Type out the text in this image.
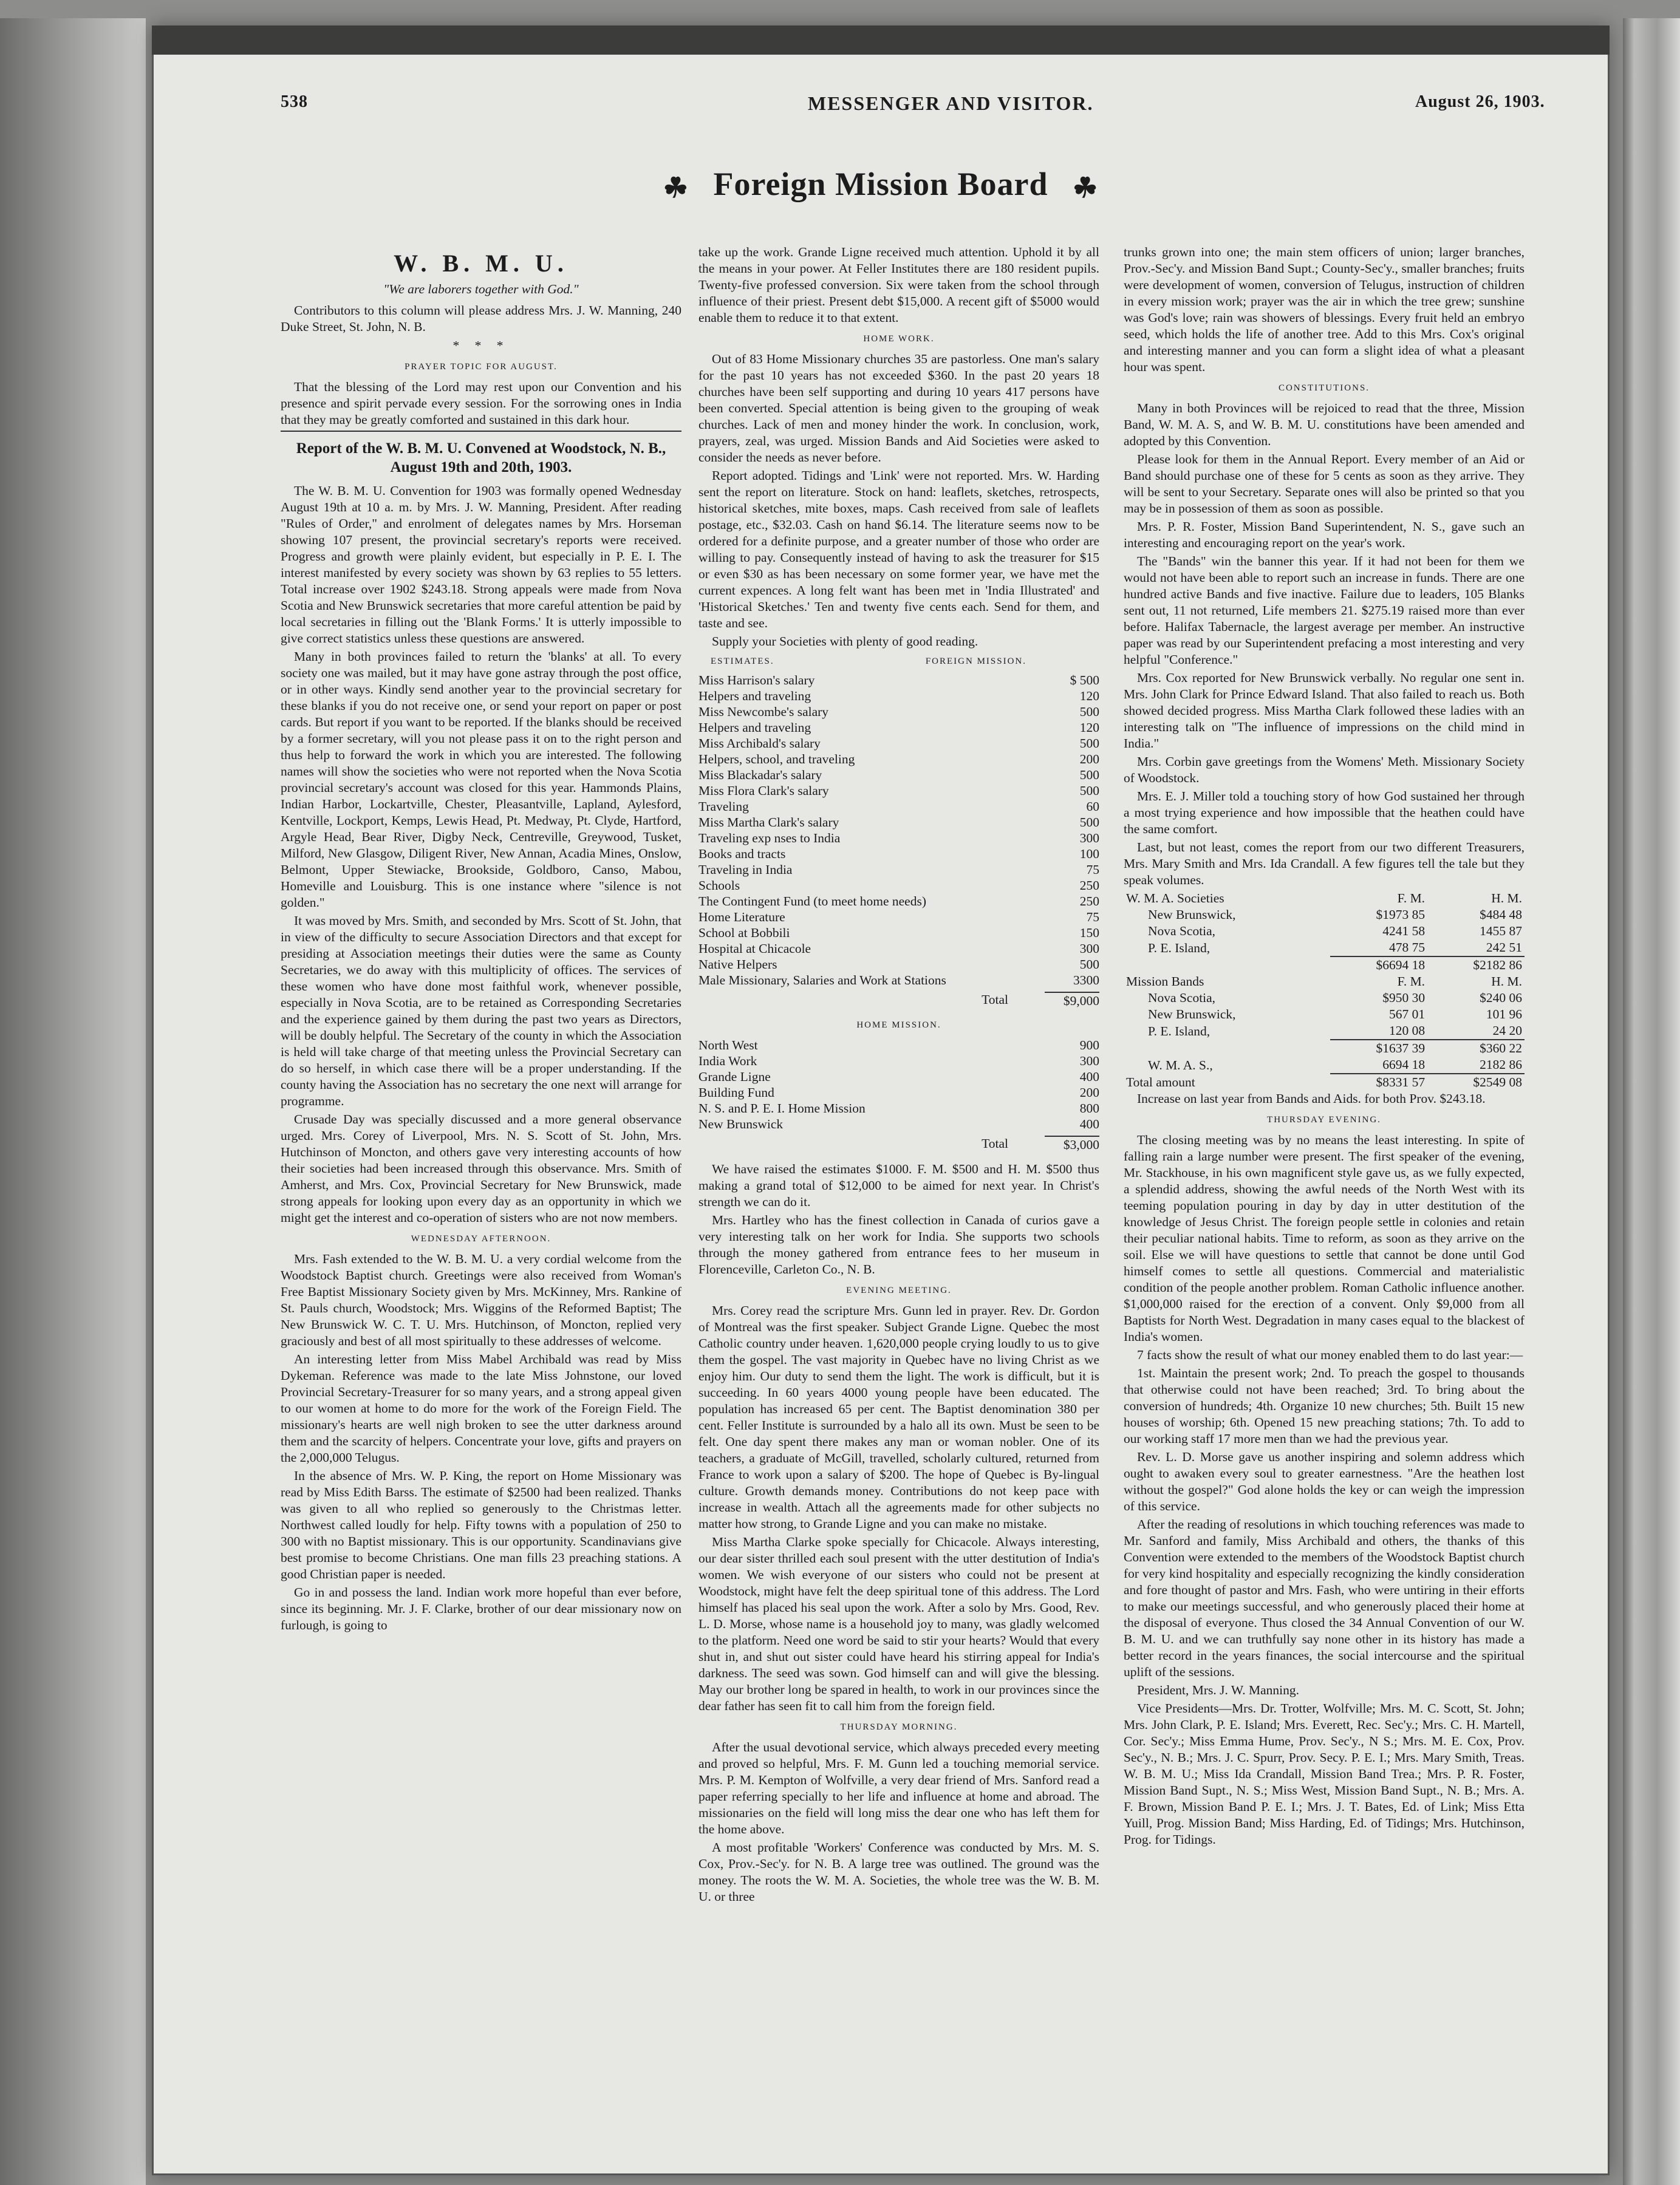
538	MESSENGER AND VISITOR.	August 26, 1903.
☘ Foreign Mission Board ☘
W. B. M. U.
"We are laborers together with God."

Contributors to this column will please address Mrs. J. W. Manning, 240 Duke Street, St. John, N. B.

* * *
PRAYER TOPIC FOR AUGUST.

That the blessing of the Lord may rest upon our Convention and his presence and spirit pervade every session. For the sorrowing ones in India that they may be greatly comforted and sustained in this dark hour.

Report of the W. B. M. U. Convened at Woodstock, N. B., August 19th and 20th, 1903.

The W. B. M. U. Convention for 1903 was formally opened Wednesday August 19th at 10 a. m. by Mrs. J. W. Manning, President. After reading "Rules of Order," and enrolment of delegates names by Mrs. Horseman showing 107 present, the provincial secretary's reports were received. Progress and growth were plainly evident, but especially in P. E. I. The interest manifested by every society was shown by 63 replies to 55 letters. Total increase over 1902 $243.18. Strong appeals were made from Nova Scotia and New Brunswick secretaries that more careful attention be paid by local secretaries in filling out the 'Blank Forms.' It is utterly impossible to give correct statistics unless these questions are answered.

Many in both provinces failed to return the 'blanks' at all. To every society one was mailed, but it may have gone astray through the post office, or in other ways. Kindly send another year to the provincial secretary for these blanks if you do not receive one, or send your report on paper or post cards. But report if you want to be reported. If the blanks should be received by a former secretary, will you not please pass it on to the right person and thus help to forward the work in which you are interested. The following names will show the societies who were not reported when the Nova Scotia provincial secretary's account was closed for this year. Hammonds Plains, Indian Harbor, Lockartville, Chester, Pleasantville, Lapland, Aylesford, Kentville, Lockport, Kemps, Lewis Head, Pt. Medway, Pt. Clyde, Hartford, Argyle Head, Bear River, Digby Neck, Centreville, Greywood, Tusket, Milford, New Glasgow, Diligent River, New Annan, Acadia Mines, Onslow, Belmont, Upper Stewiacke, Brookside, Goldboro, Canso, Mabou, Homeville and Louisburg. This is one instance where "silence is not golden."

It was moved by Mrs. Smith, and seconded by Mrs. Scott of St. John, that in view of the difficulty to secure Association Directors and that except for presiding at Association meetings their duties were the same as County Secretaries, we do away with this multiplicity of offices. The services of these women who have done most faithful work, whenever possible, especially in Nova Scotia, are to be retained as Corresponding Secretaries and the experience gained by them during the past two years as Directors, will be doubly helpful. The Secretary of the county in which the Association is held will take charge of that meeting unless the Provincial Secretary can do so herself, in which case there will be a proper understanding. If the county having the Association has no secretary the one next will arrange for programme.

Crusade Day was specially discussed and a more general observance urged. Mrs. Corey of Liverpool, Mrs. N. S. Scott of St. John, Mrs. Hutchinson of Moncton, and others gave very interesting accounts of how their societies had been increased through this observance. Mrs. Smith of Amherst, and Mrs. Cox, Provincial Secretary for New Brunswick, made strong appeals for looking upon every day as an opportunity in which we might get the interest and co-operation of sisters who are not now members.

WEDNESDAY AFTERNOON.

Mrs. Fash extended to the W. B. M. U. a very cordial welcome from the Woodstock Baptist church. Greetings were also received from Woman's Free Baptist Missionary Society given by Mrs. McKinney, Mrs. Rankine of St. Pauls church, Woodstock; Mrs. Wiggins of the Reformed Baptist; The New Brunswick W. C. T. U. Mrs. Hutchinson, of Moncton, replied very graciously and best of all most spiritually to these addresses of welcome.

An interesting letter from Miss Mabel Archibald was read by Miss Dykeman. Reference was made to the late Miss Johnstone, our loved Provincial Secretary-Treasurer for so many years, and a strong appeal given to our women at home to do more for the work of the Foreign Field. The missionary's hearts are well nigh broken to see the utter darkness around them and the scarcity of helpers. Concentrate your love, gifts and prayers on the 2,000,000 Telugus.

In the absence of Mrs. W. P. King, the report on Home Missionary was read by Miss Edith Barss. The estimate of $2500 had been realized. Thanks was given to all who replied so generously to the Christmas letter. Northwest called loudly for help. Fifty towns with a population of 250 to 300 with no Baptist missionary. This is our opportunity. Scandinavians give best promise to become Christians. One man fills 23 preaching stations. A good Christian paper is needed.

Go in and possess the land. Indian work more hopeful than ever before, since its beginning. Mr. J. F. Clarke, brother of our dear missionary now on furlough, is going to

take up the work. Grande Ligne received much attention. Uphold it by all the means in your power. At Feller Institutes there are 180 resident pupils. Twenty-five professed conversion. Six were taken from the school through influence of their priest. Present debt $15,000. A recent gift of $5000 would enable them to reduce it to that extent.

HOME WORK.

Out of 83 Home Missionary churches 35 are pastorless. One man's salary for the past 10 years has not exceeded $360. In the past 20 years 18 churches have been self supporting and during 10 years 417 persons have been converted. Special attention is being given to the grouping of weak churches. Lack of men and money hinder the work. In conclusion, work, prayers, zeal, was urged. Mission Bands and Aid Societies were asked to consider the needs as never before.

Report adopted. Tidings and 'Link' were not reported. Mrs. W. Harding sent the report on literature. Stock on hand: leaflets, sketches, retrospects, historical sketches, mite boxes, maps. Cash received from sale of leaflets postage, etc., $32.03. Cash on hand $6.14. The literature seems now to be ordered for a definite purpose, and a greater number of those who order are willing to pay. Consequently instead of having to ask the treasurer for $15 or even $30 as has been necessary on some former year, we have met the current expences. A long felt want has been met in 'India Illustrated' and 'Historical Sketches.' Ten and twenty five cents each. Send for them, and taste and see.

Supply your Societies with plenty of good reading.

ESTIMATES.	FOREIGN MISSION.
Miss Harrison's salary	$ 500
Helpers and traveling	120
Miss Newcombe's salary	500
Helpers and traveling	120
Miss Archibald's salary	500
Helpers, school, and traveling	200
Miss Blackadar's salary	500
Miss Flora Clark's salary	500
Traveling	60
Miss Martha Clark's salary	500
Traveling exp nses to India	300
Books and tracts	100
Traveling in India	75
Schools	250
The Contingent Fund (to meet home needs)	250
Home Literature	75
School at Bobbili	150
Hospital at Chicacole	300
Native Helpers	500
Male Missionary, Salaries and Work at Stations	3300
Total	$9,000
HOME MISSION.
North West	900
India Work	300
Grande Ligne	400
Building Fund	200
N. S. and P. E. I. Home Mission	800
New Brunswick	400
Total	$3,000

We have raised the estimates $1000. F. M. $500 and H. M. $500 thus making a grand total of $12,000 to be aimed for next year. In Christ's strength we can do it.

Mrs. Hartley who has the finest collection in Canada of curios gave a very interesting talk on her work for India. She supports two schools through the money gathered from entrance fees to her museum in Florenceville, Carleton Co., N. B.

EVENING MEETING.

Mrs. Corey read the scripture Mrs. Gunn led in prayer. Rev. Dr. Gordon of Montreal was the first speaker. Subject Grande Ligne. Quebec the most Catholic country under heaven. 1,620,000 people crying loudly to us to give them the gospel. The vast majority in Quebec have no living Christ as we enjoy him. Our duty to send them the light. The work is difficult, but it is succeeding. In 60 years 4000 young people have been educated. The population has increased 65 per cent. The Baptist denomination 380 per cent. Feller Institute is surrounded by a halo all its own. Must be seen to be felt. One day spent there makes any man or woman nobler. One of its teachers, a graduate of McGill, travelled, scholarly cultured, returned from France to work upon a salary of $200. The hope of Quebec is By-lingual culture. Growth demands money. Contributions do not keep pace with increase in wealth. Attach all the agreements made for other subjects no matter how strong, to Grande Ligne and you can make no mistake.

Miss Martha Clarke spoke specially for Chicacole. Always interesting, our dear sister thrilled each soul present with the utter destitution of India's women. We wish everyone of our sisters who could not be present at Woodstock, might have felt the deep spiritual tone of this address. The Lord himself has placed his seal upon the work. After a solo by Mrs. Good, Rev. L. D. Morse, whose name is a household joy to many, was gladly welcomed to the platform. Need one word be said to stir your hearts? Would that every shut in, and shut out sister could have heard his stirring appeal for India's darkness. The seed was sown. God himself can and will give the blessing. May our brother long be spared in health, to work in our provinces since the dear father has seen fit to call him from the foreign field.

THURSDAY MORNING.

After the usual devotional service, which always preceded every meeting and proved so helpful, Mrs. F. M. Gunn led a touching memorial service. Mrs. P. M. Kempton of Wolfville, a very dear friend of Mrs. Sanford read a paper referring specially to her life and influence at home and abroad. The missionaries on the field will long miss the dear one who has left them for the home above.

A most profitable 'Workers' Conference was conducted by Mrs. M. S. Cox, Prov.-Sec'y. for N. B. A large tree was outlined. The ground was the money. The roots the W. M. A. Societies, the whole tree was the W. B. M. U. or three

trunks grown into one; the main stem officers of union; larger branches, Prov.-Sec'y. and Mission Band Supt.; County-Sec'y., smaller branches; fruits were development of women, conversion of Telugus, instruction of children in every mission work; prayer was the air in which the tree grew; sunshine was God's love; rain was showers of blessings. Every fruit held an embryo seed, which holds the life of another tree. Add to this Mrs. Cox's original and interesting manner and you can form a slight idea of what a pleasant hour was spent.

CONSTITUTIONS.

Many in both Provinces will be rejoiced to read that the three, Mission Band, W. M. A. S, and W. B. M. U. constitutions have been amended and adopted by this Convention.

Please look for them in the Annual Report. Every member of an Aid or Band should purchase one of these for 5 cents as soon as they arrive. They will be sent to your Secretary. Separate ones will also be printed so that you may be in possession of them as soon as possible.

Mrs. P. R. Foster, Mission Band Superintendent, N. S., gave such an interesting and encouraging report on the year's work.

The "Bands" win the banner this year. If it had not been for them we would not have been able to report such an increase in funds. There are one hundred active Bands and five inactive. Failure due to leaders, 105 Blanks sent out, 11 not returned, Life members 21. $275.19 raised more than ever before. Halifax Tabernacle, the largest average per member. An instructive paper was read by our Superintendent prefacing a most interesting and very helpful "Conference."

Mrs. Cox reported for New Brunswick verbally. No regular one sent in. Mrs. John Clark for Prince Edward Island. That also failed to reach us. Both showed decided progress. Miss Martha Clark followed these ladies with an interesting talk on "The influence of impressions on the child mind in India."

Mrs. Corbin gave greetings from the Womens' Meth. Missionary Society of Woodstock.

Mrs. E. J. Miller told a touching story of how God sustained her through a most trying experience and how impossible that the heathen could have the same comfort.

Last, but not least, comes the report from our two different Treasurers, Mrs. Mary Smith and Mrs. Ida Crandall. A few figures tell the tale but they speak volumes.

W. M. A. Societies	F. M.	H. M.
New Brunswick,	$1973 85	$484 48
Nova Scotia,	4241 58	1455 87
P. E. Island,	478 75	242 51
	$6694 18	$2182 86
Mission Bands	F. M.	H. M.
Nova Scotia,	$950 30	$240 06
New Brunswick,	567 01	101 96
P. E. Island,	120 08	24 20
	$1637 39	$360 22
W. M. A. S.,	6694 18	2182 86
Total amount	$8331 57	$2549 08

Increase on last year from Bands and Aids. for both Prov. $243.18.

THURSDAY EVENING.

The closing meeting was by no means the least interesting. In spite of falling rain a large number were present. The first speaker of the evening, Mr. Stackhouse, in his own magnificent style gave us, as we fully expected, a splendid address, showing the awful needs of the North West with its teeming population pouring in day by day in utter destitution of the knowledge of Jesus Christ. The foreign people settle in colonies and retain their peculiar national habits. Time to reform, as soon as they arrive on the soil. Else we will have questions to settle that cannot be done until God himself comes to settle all questions. Commercial and materialistic condition of the people another problem. Roman Catholic influence another. $1,000,000 raised for the erection of a convent. Only $9,000 from all Baptists for North West. Degradation in many cases equal to the blackest of India's women.

7 facts show the result of what our money enabled them to do last year:—

1st. Maintain the present work; 2nd. To preach the gospel to thousands that otherwise could not have been reached; 3rd. To bring about the conversion of hundreds; 4th. Organize 10 new churches; 5th. Built 15 new houses of worship; 6th. Opened 15 new preaching stations; 7th. To add to our working staff 17 more men than we had the previous year.

Rev. L. D. Morse gave us another inspiring and solemn address which ought to awaken every soul to greater earnestness. "Are the heathen lost without the gospel?" God alone holds the key or can weigh the impression of this service.

After the reading of resolutions in which touching references was made to Mr. Sanford and family, Miss Archibald and others, the thanks of this Convention were extended to the members of the Woodstock Baptist church for very kind hospitality and especially recognizing the kindly consideration and fore thought of pastor and Mrs. Fash, who were untiring in their efforts to make our meetings successful, and who generously placed their home at the disposal of everyone. Thus closed the 34 Annual Convention of our W. B. M. U. and we can truthfully say none other in its history has made a better record in the years finances, the social intercourse and the spiritual uplift of the sessions.

President, Mrs. J. W. Manning.

Vice Presidents—Mrs. Dr. Trotter, Wolfville; Mrs. M. C. Scott, St. John; Mrs. John Clark, P. E. Island; Mrs. Everett, Rec. Sec'y.; Mrs. C. H. Martell, Cor. Sec'y.; Miss Emma Hume, Prov. Sec'y., N S.; Mrs. M. E. Cox, Prov. Sec'y., N. B.; Mrs. J. C. Spurr, Prov. Secy. P. E. I.; Mrs. Mary Smith, Treas. W. B. M. U.; Miss Ida Crandall, Mission Band Trea.; Mrs. P. R. Foster, Mission Band Supt., N. S.; Miss West, Mission Band Supt., N. B.; Mrs. A. F. Brown, Mission Band P. E. I.; Mrs. J. T. Bates, Ed. of Link; Miss Etta Yuill, Prog. Mission Band; Miss Harding, Ed. of Tidings; Mrs. Hutchinson, Prog. for Tidings.
